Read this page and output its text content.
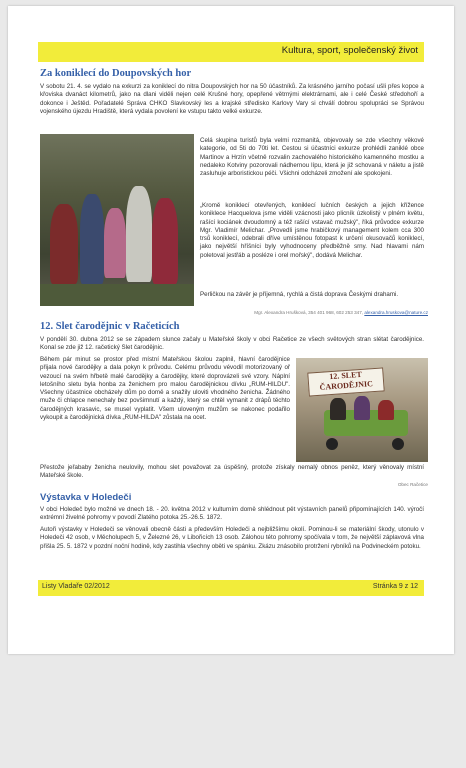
Kultura, sport, společenský život
Za koniklecí do Doupovských hor

V sobotu 21. 4. se vydalo na exkurzi za koniklecí do nitra Doupovských hor na 50 účastníků. Za krásného jarního počasí ušli přes kopce a křoviska dvanáct kilometrů, jako na dlani viděli nejen celé Krušné hory, opepřené větrnými elektrárnami, ale i celé České středohoří a dokonce i Ještěd. Pořadatelé Správa CHKO Slavkovský les a krajské středisko Karlovy Vary si chválí dobrou spolupráci se Správou vojenského újezdu Hradiště, která vydala povolení ke vstupu takto velké exkurze.

Celá skupina turistů byla velmi rozmanitá, objevovaly se zde všechny věkové kategorie, od 5ti do 70ti let. Cestou si účastníci exkurze prohlédli zaniklé obce Martinov a Hrzín včetně rozvalin zachovalého historického kamenného mostku a nedaleko Kotviny pozorovali nádhernou lípu, která je již schovaná v náletu a jistě zasluhuje arboristickou péči. Všichni odcházeli zmožení ale spokojeni.

„Kromě koniklecí otevřených, koniklecí lučních českých a jejich křížence koniklece Hacquelova jsme viděli vzácnosti jako plicník úzkolistý v plném květu, rašící kociánek dvoudomný a též rašící vstavač mužský", říká průvodce exkurze Mgr. Vladimír Melichar. „Provedli jsme hrabičkový management kolem cca 300 trsů koniklecí, odebrali dříve umístěnou fotopast k určení okusovačů koniklecí, jako největší hříšníci byly vyhodnoceny předběžně srny. Nad hlavami nám poletoval jestřáb a posléze i orel mořský", dodává Melichar.

Perličkou na závěr je příjemná, rychlá a čistá doprava Českými drahami.

Mgr. Alexandra Hrušková, 354 401 968, 602 253 347, alexandra.hruskova@nature.cz

12. Slet čarodějnic v Račeticích

V pondělí 30. dubna 2012 se se západem slunce začaly u Mateřské školy v obci Račetice ze všech světových stran slétat čarodějnice. Konal se zde již 12. račetický Slet čarodějnic.

Během pár minut se prostor před místní Mateřskou školou zaplnil, hlavní čarodějnice přijala nové čarodějky a dala pokyn k průvodu. Celému průvodu vévodil motorizovaný oř vezoucí na svém hřbetě malé čarodějky a čarodějky, které doprovázeli své vzory. Náplní letošního sletu byla honba za ženichem pro malou čarodějnickou dívku „RUM-HILDU". Všechny účastnice obcházely dům po domě a snažily uloviti vhodného ženicha. Žádného muže či chlapce nenechaly bez povšimnutí a každý, který se chtěl vymanit z drápů těchto čarodějných krasavic, se musel vyplatit. Všem uloveným mužům se nakonec podařilo vykoupit a čarodějnická dívka „RUM-HILDA" zůstala na ocet.

12. SLET ČARODĚJNIC

Přestože jeřababy ženicha neulovily, mohou slet považovat za úspěšný, protože získaly nemalý obnos peněz, který věnovaly místní Mateřské škole.

Obec Račetice

Výstavka v Holedeči

V obci Holedeč bylo možné ve dnech 18. - 20. května 2012 v kulturním domě shlédnout pět výstavních panelů připomínajících 140. výročí extrémní živelné pohromy v povodí Zlatého potoka 25.-26.5. 1872.

Autoři výstavky v Holedeči se věnovali obecně části a především Holedeči a nejbližšímu okolí. Pominou-li se materiální škody, utonulo v Holedeči 42 osob, v Měcholupech 5, v Železné 26, v Libořicích 13 osob. Zálohou této pohromy spočívala v tom, že největší záplavová vlna přišla 25. 5. 1872 v pozdní noční hodině, kdy zastihla všechny oběti ve spánku. Zkázu znásobilo protržení rybníků na Podvineckém potoku.

Listy Vladaře 02/2012	Stránka 9 z 12
